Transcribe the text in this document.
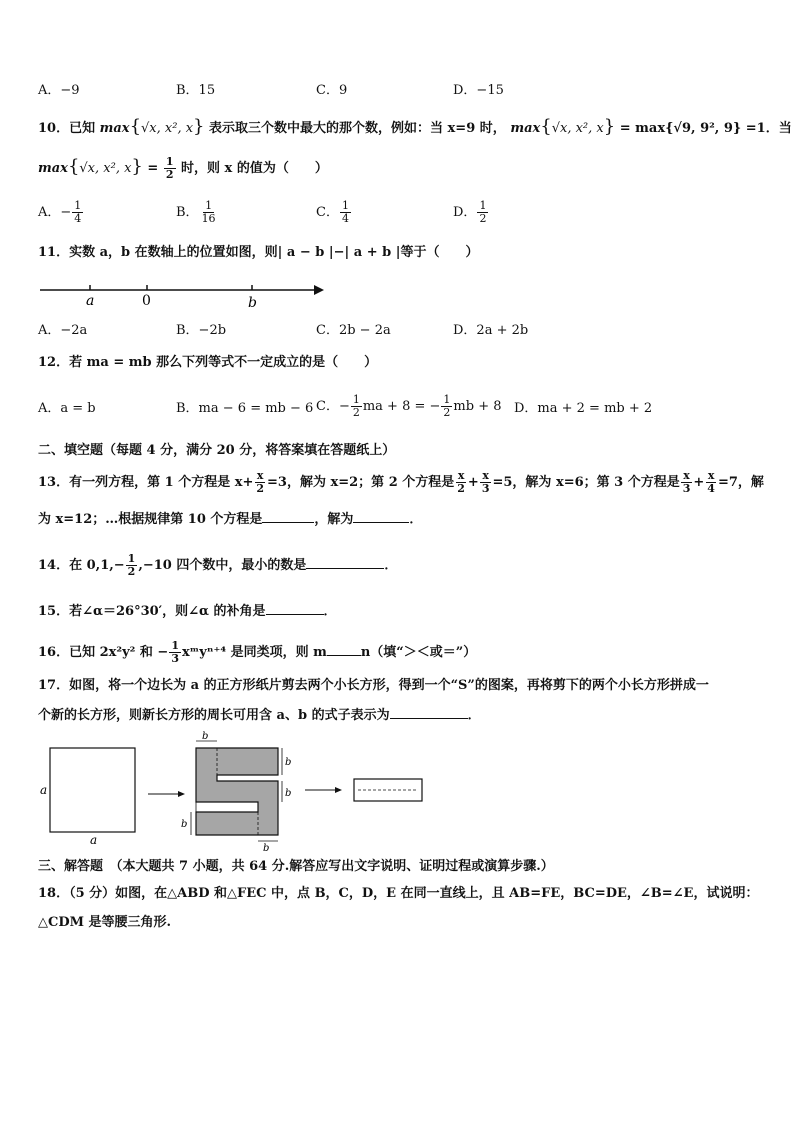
A．−9	B．15	C．9	D．−15
10．已知 max{√x, x², x} 表示取三个数中最大的那个数，例如：当 x=9 时， max{√x, x², x} = max{√9, 9², 9} =1．当
max{√x, x², $x\} = \frac{1}{2}$ 时，则 x 的值为（　　）
A．− $\frac{1}{4}$	B． $\frac{1}{16}$	C． $\frac{1}{4}$	D． $\frac{1}{2}$
11．实数 a，b 在数轴上的位置如图，则| a − b |−| a + b |等于（　　）
a	0	b
A．−2a	B．−2b	C．2b − 2a	D．2a + 2b
12．若 ma = mb 那么下列等式不一定成立的是（　　）
A．a = b	B．ma − 6 = mb − 6 C．− $\frac{1}{2}$ ma + 8 = − $\frac{1}{2}$ mb + 8 D．ma + 2 = mb + 2
二、填空题（每题 4 分，满分 20 分，将答案填在答题纸上）
13．有一列方程，第 1 个方程是 $x+ \frac{x}{2} =3$，解为 x=2；第 2 个方程是 $\frac{x}{2} + \frac{x}{3} =5$，解为 x=6；第 3 个方程是 $\frac{x}{3} + \frac{x}{4} =7$，解
为 x=12；…根据规律第 10 个方程是	，解为	．
14．在 $0,1,- \frac{1}{2} ,-10$ 四个数中，最小的数是	．
15．若∠α＝26°30′，则∠α 的补角是	．
16．已知 2x²y² 和 − $\frac{1}{3}$ xᵐyⁿ⁺⁴ 是同类项，则 m	n（填“＞＜或＝”）
17．如图，将一个边长为 a 的正方形纸片剪去两个小长方形，得到一个“S”的图案，再将剪下的两个小长方形拼成一
个新的长方形，则新长方形的周长可用含 a、b 的式子表示为	．
a
a
b
b
b
b
b
三、解答题　（本大题共 7 小题，共 64 分.解答应写出文字说明、证明过程或演算步骤.）
18．（5 分）如图，在△ABD 和△FEC 中，点 B，C，D，E 在同一直线上，且 AB=FE，BC=DE，∠B=∠E，试说明：
△CDM 是等腰三角形.
